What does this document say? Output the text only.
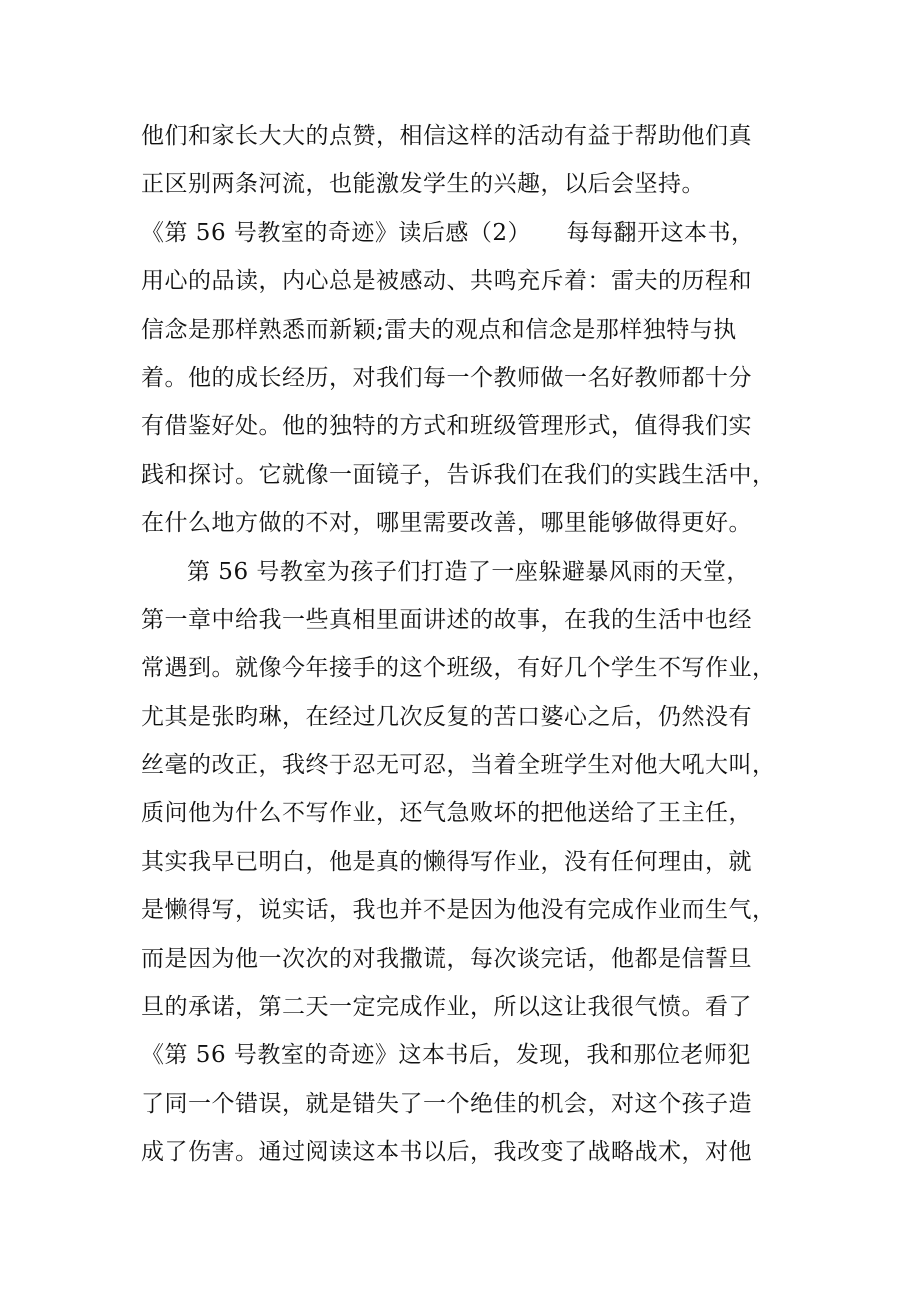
他们和家长大大的点赞，相信这样的活动有益于帮助他们真
正区别两条河流，也能激发学生的兴趣，以后会坚持。
《第 56 号教室的奇迹》读后感（2）　　每每翻开这本书，
用心的品读，内心总是被感动、共鸣充斥着：雷夫的历程和
信念是那样熟悉而新颖;雷夫的观点和信念是那样独特与执
着。他的成长经历，对我们每一个教师做一名好教师都十分
有借鉴好处。他的独特的方式和班级管理形式，值得我们实
践和探讨。它就像一面镜子，告诉我们在我们的实践生活中，
在什么地方做的不对，哪里需要改善，哪里能够做得更好。
第 56 号教室为孩子们打造了一座躲避暴风雨的天堂，
第一章中给我一些真相里面讲述的故事，在我的生活中也经
常遇到。就像今年接手的这个班级，有好几个学生不写作业，
尤其是张昀琳，在经过几次反复的苦口婆心之后，仍然没有
丝毫的改正，我终于忍无可忍，当着全班学生对他大吼大叫，
质问他为什么不写作业，还气急败坏的把他送给了王主任，
其实我早已明白，他是真的懒得写作业，没有任何理由，就
是懒得写，说实话，我也并不是因为他没有完成作业而生气，
而是因为他一次次的对我撒谎，每次谈完话，他都是信誓旦
旦的承诺，第二天一定完成作业，所以这让我很气愤。看了
《第 56 号教室的奇迹》这本书后，发现，我和那位老师犯
了同一个错误，就是错失了一个绝佳的机会，对这个孩子造
成了伤害。通过阅读这本书以后，我改变了战略战术，对他
